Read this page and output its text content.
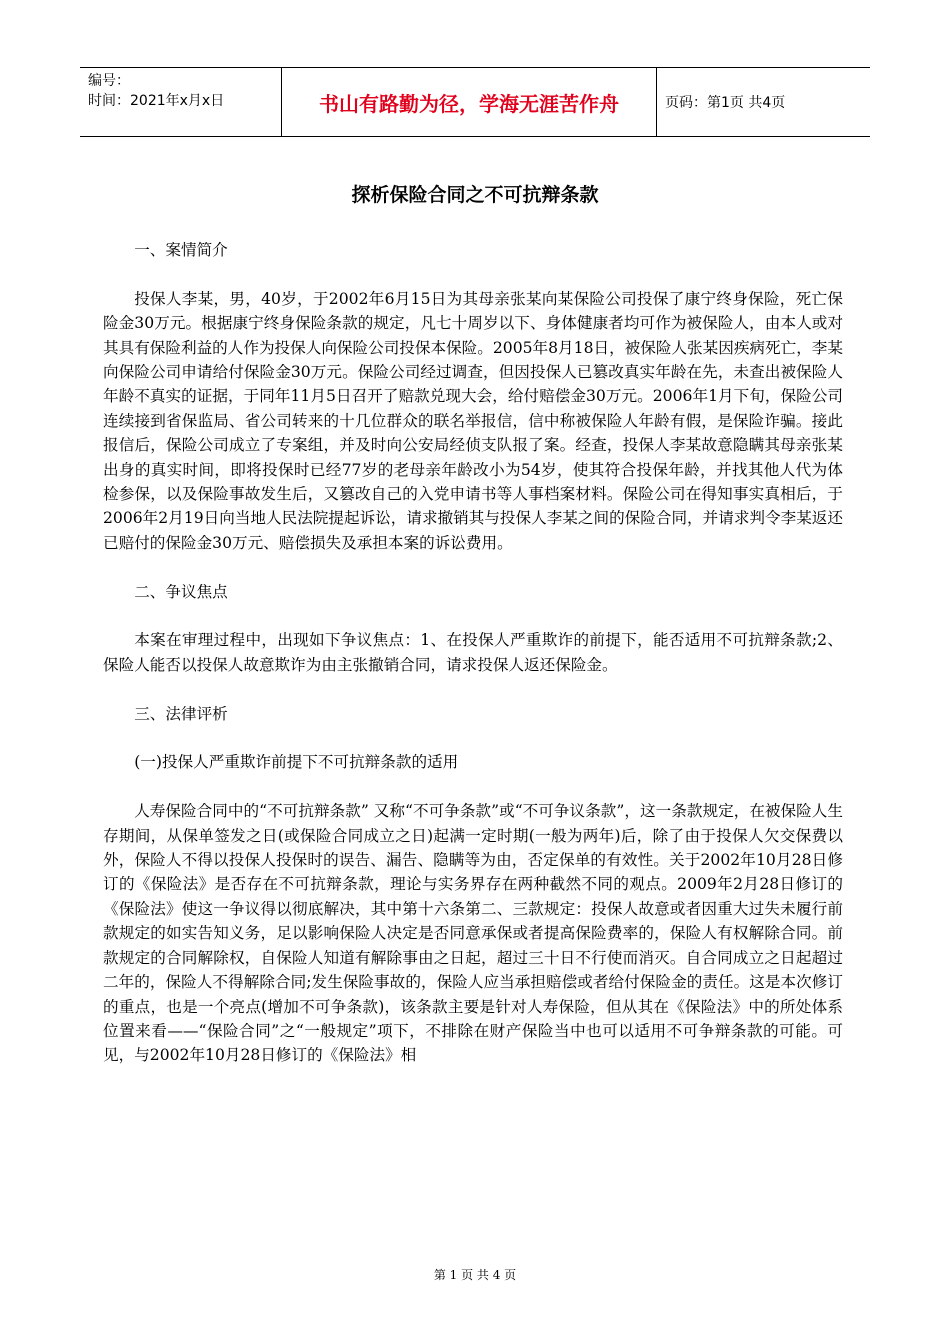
编号：
时间：2021年x月x日	书山有路勤为径，学海无涯苦作舟	页码：第1页 共4页
探析保险合同之不可抗辩条款

一、案情简介

投保人李某，男，40岁，于2002年6月15日为其母亲张某向某保险公司投保了康宁终身保险，死亡保险金30万元。根据康宁终身保险条款的规定，凡七十周岁以下、身体健康者均可作为被保险人，由本人或对其具有保险利益的人作为投保人向保险公司投保本保险。2005年8月18日，被保险人张某因疾病死亡，李某向保险公司申请给付保险金30万元。保险公司经过调查，但因投保人已篡改真实年龄在先，未查出被保险人年龄不真实的证据，于同年11月5日召开了赔款兑现大会，给付赔偿金30万元。2006年1月下旬，保险公司连续接到省保监局、省公司转来的十几位群众的联名举报信，信中称被保险人年龄有假，是保险诈骗。接此报信后，保险公司成立了专案组，并及时向公安局经侦支队报了案。经查，投保人李某故意隐瞒其母亲张某出身的真实时间，即将投保时已经77岁的老母亲年龄改小为54岁，使其符合投保年龄，并找其他人代为体检参保，以及保险事故发生后，又篡改自己的入党申请书等人事档案材料。保险公司在得知事实真相后，于2006年2月19日向当地人民法院提起诉讼，请求撤销其与投保人李某之间的保险合同，并请求判令李某返还已赔付的保险金30万元、赔偿损失及承担本案的诉讼费用。

二、争议焦点

本案在审理过程中，出现如下争议焦点：1、在投保人严重欺诈的前提下，能否适用不可抗辩条款;2、保险人能否以投保人故意欺诈为由主张撤销合同，请求投保人返还保险金。

三、法律评析

(一)投保人严重欺诈前提下不可抗辩条款的适用

人寿保险合同中的“不可抗辩条款” 又称“不可争条款”或“不可争议条款”，这一条款规定，在被保险人生存期间，从保单签发之日(或保险合同成立之日)起满一定时期(一般为两年)后，除了由于投保人欠交保费以外，保险人不得以投保人投保时的误告、漏告、隐瞒等为由，否定保单的有效性。关于2002年10月28日修订的《保险法》是否存在不可抗辩条款，理论与实务界存在两种截然不同的观点。2009年2月28日修订的《保险法》使这一争议得以彻底解决，其中第十六条第二、三款规定：投保人故意或者因重大过失未履行前款规定的如实告知义务，足以影响保险人决定是否同意承保或者提高保险费率的，保险人有权解除合同。前款规定的合同解除权，自保险人知道有解除事由之日起，超过三十日不行使而消灭。自合同成立之日起超过二年的，保险人不得解除合同;发生保险事故的，保险人应当承担赔偿或者给付保险金的责任。这是本次修订的重点，也是一个亮点(增加不可争条款)，该条款主要是针对人寿保险，但从其在《保险法》中的所处体系位置来看——“保险合同”之“一般规定”项下，不排除在财产保险当中也可以适用不可争辩条款的可能。可见，与2002年10月28日修订的《保险法》相

第 1 页 共 4 页
